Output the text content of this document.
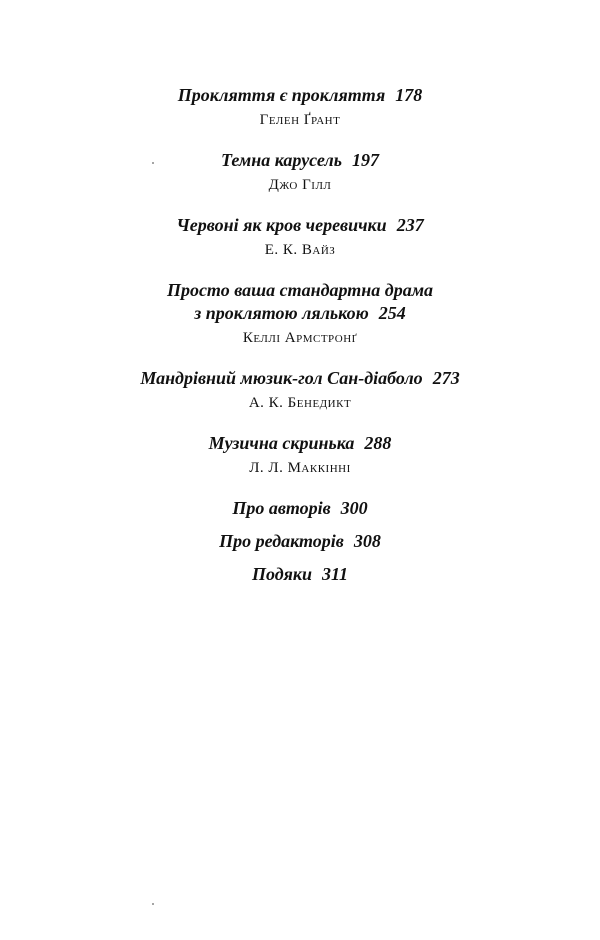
Прокляття є прокляття 178

Гелен Ґрант

Темна карусель 197

Джо Гілл

Червоні як кров черевички 237

Е. К. Вайз

Просто ваша стандартна драма

з проклятою лялькою 254

Келлі Армстронґ

Мандрівний мюзик-гол Сан-діаболо 273

А. К. Бенедикт

Музична скринька 288

Л. Л. Маккінні

Про авторів 300

Про редакторів 308

Подяки 311
